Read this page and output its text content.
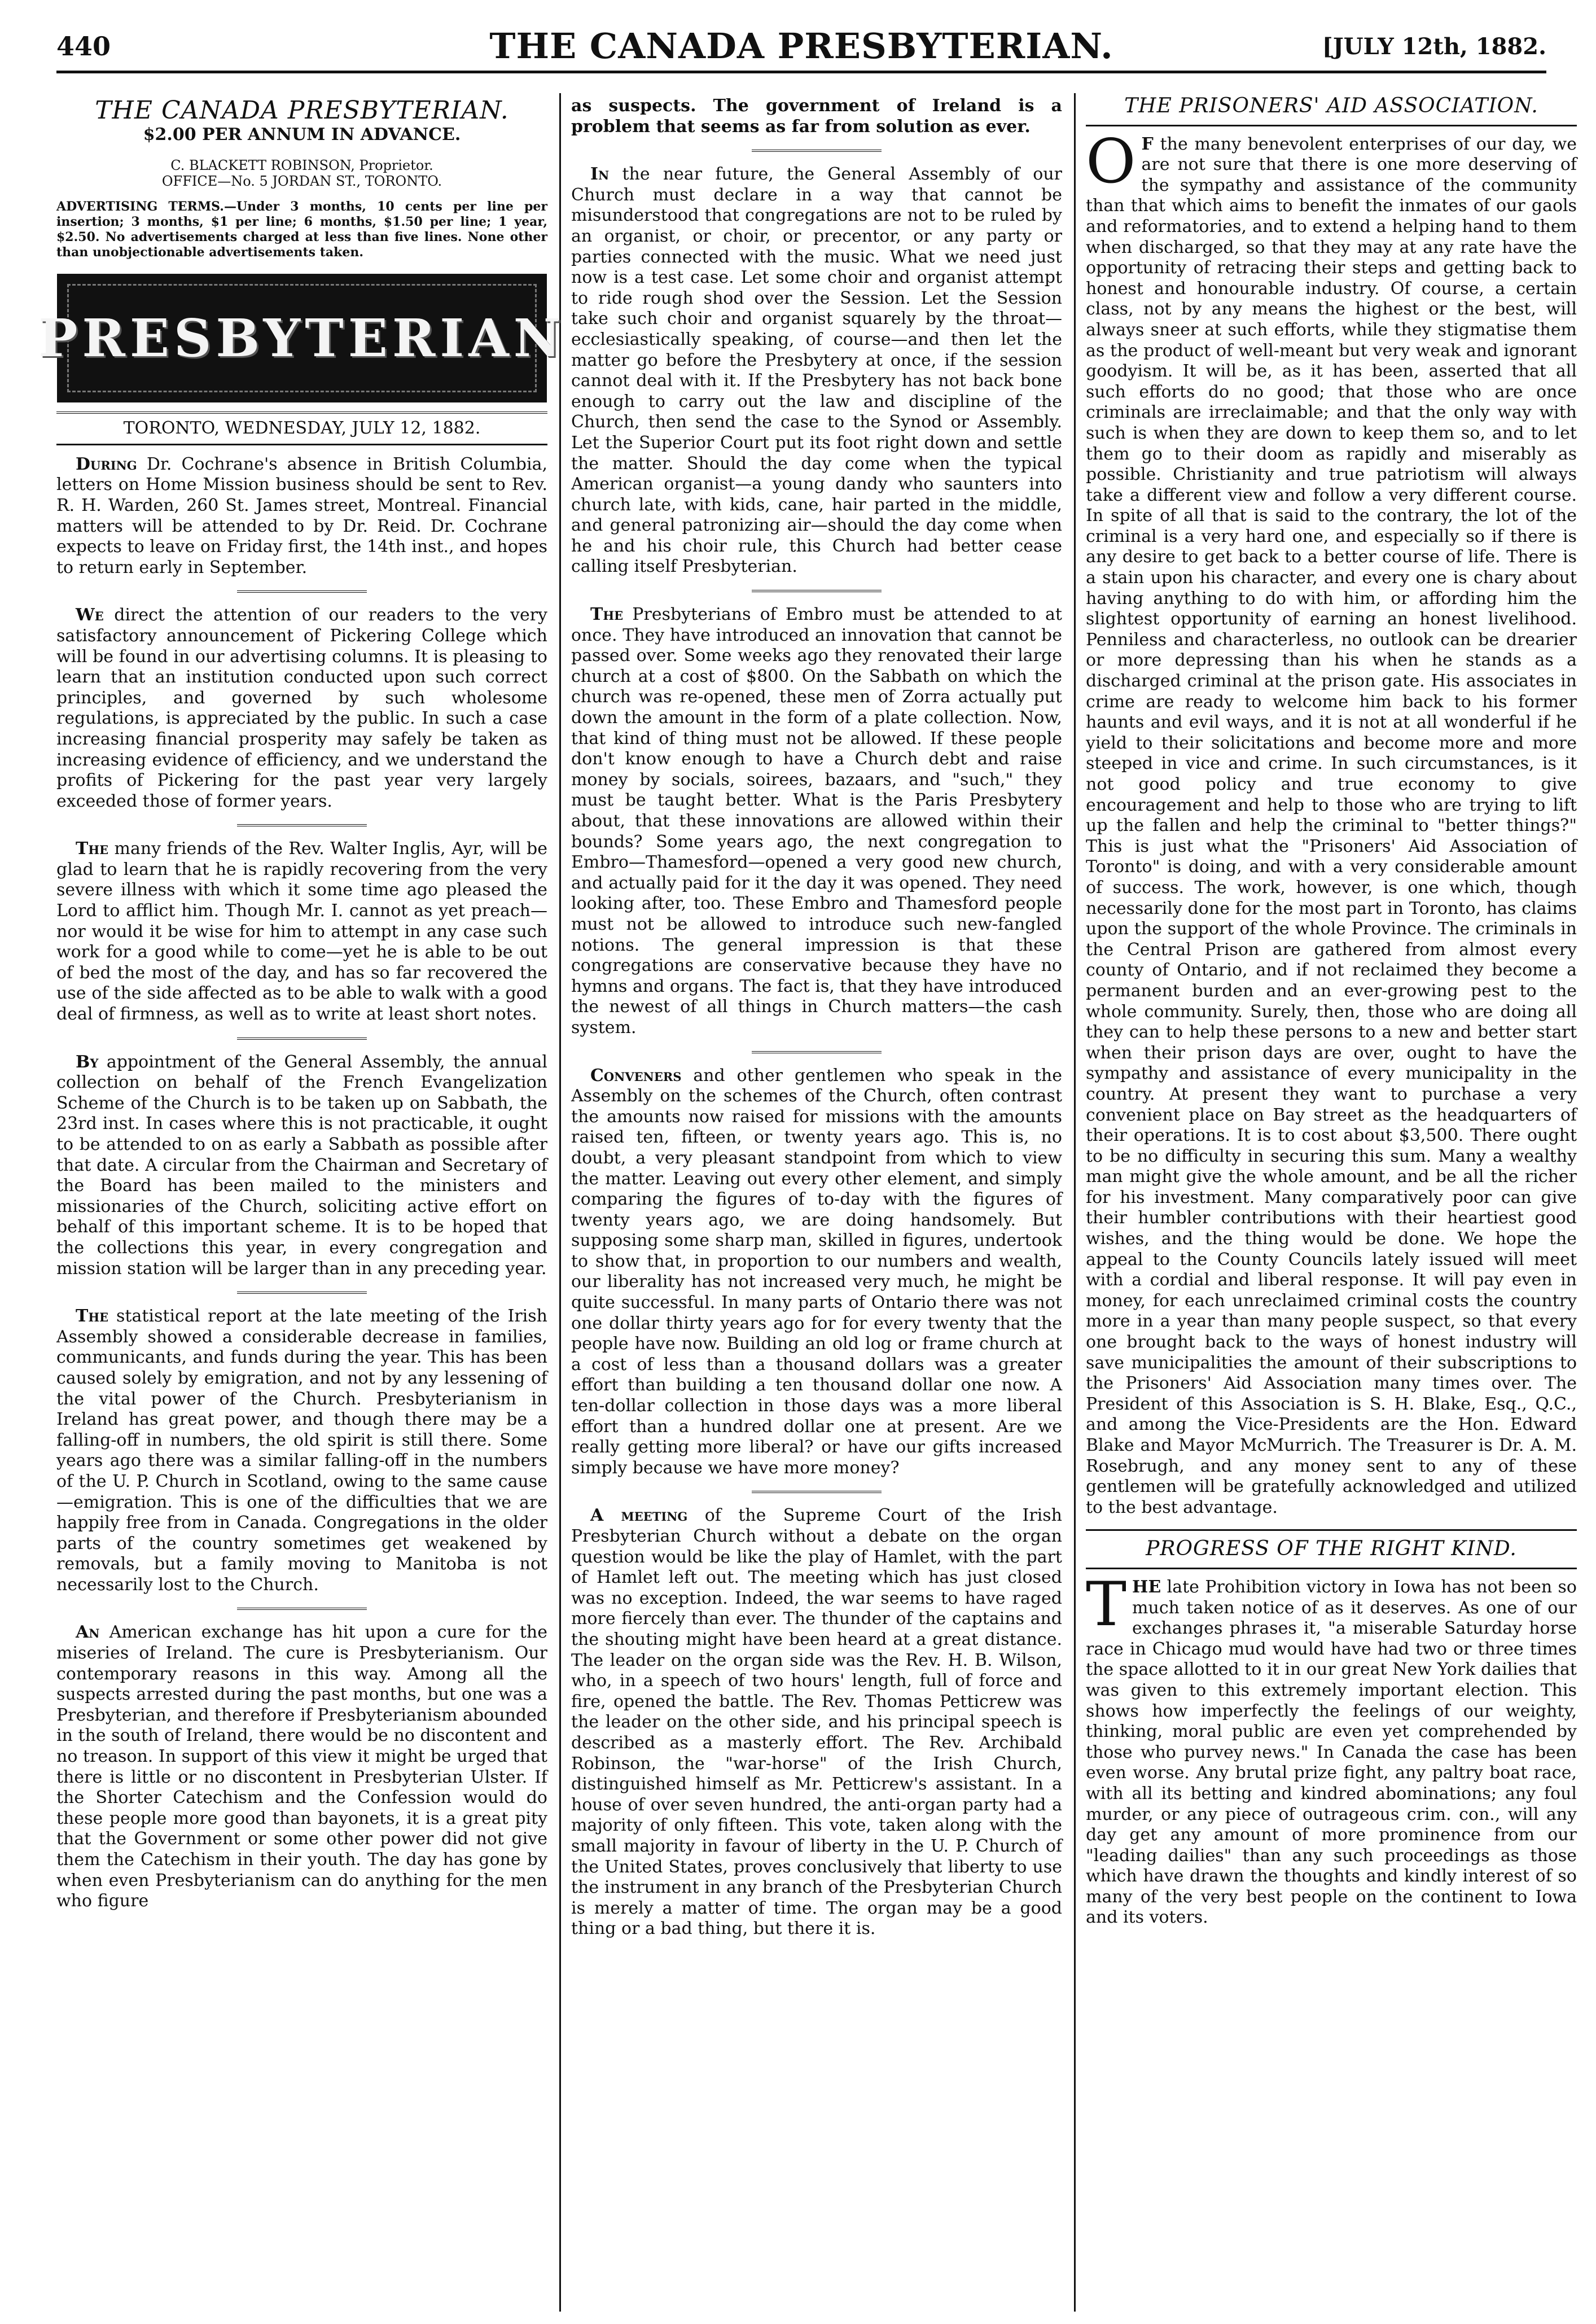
440	THE CANADA PRESBYTERIAN.	[JULY 12th, 1882.
THE CANADA PRESBYTERIAN.
$2.00 PER ANNUM IN ADVANCE.
C. BLACKETT ROBINSON, Proprietor.
OFFICE—No. 5 JORDAN ST., TORONTO.
ADVERTISING TERMS.—Under 3 months, 10 cents per line per insertion; 3 months, $1 per line; 6 months, $1.50 per line; 1 year, $2.50. No advertisements charged at less than five lines. None other than unobjectionable advertisements taken.
PRESBYTERIAN
TORONTO, WEDNESDAY, JULY 12, 1882.

During Dr. Cochrane's absence in British Columbia, letters on Home Mission business should be sent to Rev. R. H. Warden, 260 St. James street, Montreal. Financial matters will be attended to by Dr. Reid. Dr. Cochrane expects to leave on Friday first, the 14th inst., and hopes to return early in September.

We direct the attention of our readers to the very satisfactory announcement of Pickering College which will be found in our advertising columns. It is pleasing to learn that an institution conducted upon such correct principles, and governed by such wholesome regulations, is appreciated by the public. In such a case increasing financial prosperity may safely be taken as increasing evidence of efficiency, and we understand the profits of Pickering for the past year very largely exceeded those of former years.

The many friends of the Rev. Walter Inglis, Ayr, will be glad to learn that he is rapidly recovering from the very severe illness with which it some time ago pleased the Lord to afflict him. Though Mr. I. cannot as yet preach—nor would it be wise for him to attempt in any case such work for a good while to come—yet he is able to be out of bed the most of the day, and has so far recovered the use of the side affected as to be able to walk with a good deal of firmness, as well as to write at least short notes.

By appointment of the General Assembly, the annual collection on behalf of the French Evangelization Scheme of the Church is to be taken up on Sabbath, the 23rd inst. In cases where this is not practicable, it ought to be attended to on as early a Sabbath as possible after that date. A circular from the Chairman and Secretary of the Board has been mailed to the ministers and missionaries of the Church, soliciting active effort on behalf of this important scheme. It is to be hoped that the collections this year, in every congregation and mission station will be larger than in any preceding year.

The statistical report at the late meeting of the Irish Assembly showed a considerable decrease in families, communicants, and funds during the year. This has been caused solely by emigration, and not by any lessening of the vital power of the Church. Presbyterianism in Ireland has great power, and though there may be a falling-off in numbers, the old spirit is still there. Some years ago there was a similar falling-off in the numbers of the U. P. Church in Scotland, owing to the same cause—emigration. This is one of the difficulties that we are happily free from in Canada. Congregations in the older parts of the country sometimes get weakened by removals, but a family moving to Manitoba is not necessarily lost to the Church.

An American exchange has hit upon a cure for the miseries of Ireland. The cure is Presbyterianism. Our contemporary reasons in this way. Among all the suspects arrested during the past months, but one was a Presbyterian, and therefore if Presbyterianism abounded in the south of Ireland, there would be no discontent and no treason. In support of this view it might be urged that there is little or no discontent in Presbyterian Ulster. If the Shorter Catechism and the Confession would do these people more good than bayonets, it is a great pity that the Government or some other power did not give them the Catechism in their youth. The day has gone by when even Presbyterianism can do anything for the men who figure

as suspects. The government of Ireland is a problem that seems as far from solution as ever.

In the near future, the General Assembly of our Church must declare in a way that cannot be misunderstood that congregations are not to be ruled by an organist, or choir, or precentor, or any party or parties connected with the music. What we need just now is a test case. Let some choir and organist attempt to ride rough shod over the Session. Let the Session take such choir and organist squarely by the throat—ecclesiastically speaking, of course—and then let the matter go before the Presbytery at once, if the session cannot deal with it. If the Presbytery has not back bone enough to carry out the law and discipline of the Church, then send the case to the Synod or Assembly. Let the Superior Court put its foot right down and settle the matter. Should the day come when the typical American organist—a young dandy who saunters into church late, with kids, cane, hair parted in the middle, and general patronizing air—should the day come when he and his choir rule, this Church had better cease calling itself Presbyterian.

The Presbyterians of Embro must be attended to at once. They have introduced an innovation that cannot be passed over. Some weeks ago they renovated their large church at a cost of $800. On the Sabbath on which the church was re-opened, these men of Zorra actually put down the amount in the form of a plate collection. Now, that kind of thing must not be allowed. If these people don't know enough to have a Church debt and raise money by socials, soirees, bazaars, and "such," they must be taught better. What is the Paris Presbytery about, that these innovations are allowed within their bounds? Some years ago, the next congregation to Embro—Thamesford—opened a very good new church, and actually paid for it the day it was opened. They need looking after, too. These Embro and Thamesford people must not be allowed to introduce such new-fangled notions. The general impression is that these congregations are conservative because they have no hymns and organs. The fact is, that they have introduced the newest of all things in Church matters—the cash system.

Conveners and other gentlemen who speak in the Assembly on the schemes of the Church, often contrast the amounts now raised for missions with the amounts raised ten, fifteen, or twenty years ago. This is, no doubt, a very pleasant standpoint from which to view the matter. Leaving out every other element, and simply comparing the figures of to-day with the figures of twenty years ago, we are doing handsomely. But supposing some sharp man, skilled in figures, undertook to show that, in proportion to our numbers and wealth, our liberality has not increased very much, he might be quite successful. In many parts of Ontario there was not one dollar thirty years ago for for every twenty that the people have now. Building an old log or frame church at a cost of less than a thousand dollars was a greater effort than building a ten thousand dollar one now. A ten-dollar collection in those days was a more liberal effort than a hundred dollar one at present. Are we really getting more liberal? or have our gifts increased simply because we have more money?

A meeting of the Supreme Court of the Irish Presbyterian Church without a debate on the organ question would be like the play of Hamlet, with the part of Hamlet left out. The meeting which has just closed was no exception. Indeed, the war seems to have raged more fiercely than ever. The thunder of the captains and the shouting might have been heard at a great distance. The leader on the organ side was the Rev. H. B. Wilson, who, in a speech of two hours' length, full of force and fire, opened the battle. The Rev. Thomas Petticrew was the leader on the other side, and his principal speech is described as a masterly effort. The Rev. Archibald Robinson, the "war-horse" of the Irish Church, distinguished himself as Mr. Petticrew's assistant. In a house of over seven hundred, the anti-organ party had a majority of only fifteen. This vote, taken along with the small majority in favour of liberty in the U. P. Church of the United States, proves conclusively that liberty to use the instrument in any branch of the Presbyterian Church is merely a matter of time. The organ may be a good thing or a bad thing, but there it is.

THE PRISONERS' AID ASSOCIATION.

O F the many benevolent enterprises of our day, we are not sure that there is one more deserving of the sympathy and assistance of the community than that which aims to benefit the inmates of our gaols and reformatories, and to extend a helping hand to them when discharged, so that they may at any rate have the opportunity of retracing their steps and getting back to honest and honourable industry. Of course, a certain class, not by any means the highest or the best, will always sneer at such efforts, while they stigmatise them as the product of well-meant but very weak and ignorant goodyism. It will be, as it has been, asserted that all such efforts do no good; that those who are once criminals are irreclaimable; and that the only way with such is when they are down to keep them so, and to let them go to their doom as rapidly and miserably as possible. Christianity and true patriotism will always take a different view and follow a very different course. In spite of all that is said to the contrary, the lot of the criminal is a very hard one, and especially so if there is any desire to get back to a better course of life. There is a stain upon his character, and every one is chary about having anything to do with him, or affording him the slightest opportunity of earning an honest livelihood. Penniless and characterless, no outlook can be drearier or more depressing than his when he stands as a discharged criminal at the prison gate. His associates in crime are ready to welcome him back to his former haunts and evil ways, and it is not at all wonderful if he yield to their solicitations and become more and more steeped in vice and crime. In such circumstances, is it not good policy and true economy to give encouragement and help to those who are trying to lift up the fallen and help the criminal to "better things?" This is just what the "Prisoners' Aid Association of Toronto" is doing, and with a very considerable amount of success. The work, however, is one which, though necessarily done for the most part in Toronto, has claims upon the support of the whole Province. The criminals in the Central Prison are gathered from almost every county of Ontario, and if not reclaimed they become a permanent burden and an ever-growing pest to the whole community. Surely, then, those who are doing all they can to help these persons to a new and better start when their prison days are over, ought to have the sympathy and assistance of every municipality in the country. At present they want to purchase a very convenient place on Bay street as the headquarters of their operations. It is to cost about $3,500. There ought to be no difficulty in securing this sum. Many a wealthy man might give the whole amount, and be all the richer for his investment. Many comparatively poor can give their humbler contributions with their heartiest good wishes, and the thing would be done. We hope the appeal to the County Councils lately issued will meet with a cordial and liberal response. It will pay even in money, for each unreclaimed criminal costs the country more in a year than many people suspect, so that every one brought back to the ways of honest industry will save municipalities the amount of their subscriptions to the Prisoners' Aid Association many times over. The President of this Association is S. H. Blake, Esq., Q.C., and among the Vice-Presidents are the Hon. Edward Blake and Mayor McMurrich. The Treasurer is Dr. A. M. Rosebrugh, and any money sent to any of these gentlemen will be gratefully acknowledged and utilized to the best advantage.

PROGRESS OF THE RIGHT KIND.

THE late Prohibition victory in Iowa has not been so much taken notice of as it deserves. As one of our exchanges phrases it, "a miserable Saturday horse race in Chicago mud would have had two or three times the space allotted to it in our great New York dailies that was given to this extremely important election. This shows how imperfectly the feelings of our weighty, thinking, moral public are even yet comprehended by those who purvey news." In Canada the case has been even worse. Any brutal prize fight, any paltry boat race, with all its betting and kindred abominations; any foul murder, or any piece of outrageous crim. con., will any day get any amount of more prominence from our "leading dailies" than any such proceedings as those which have drawn the thoughts and kindly interest of so many of the very best people on the continent to Iowa and its voters.
